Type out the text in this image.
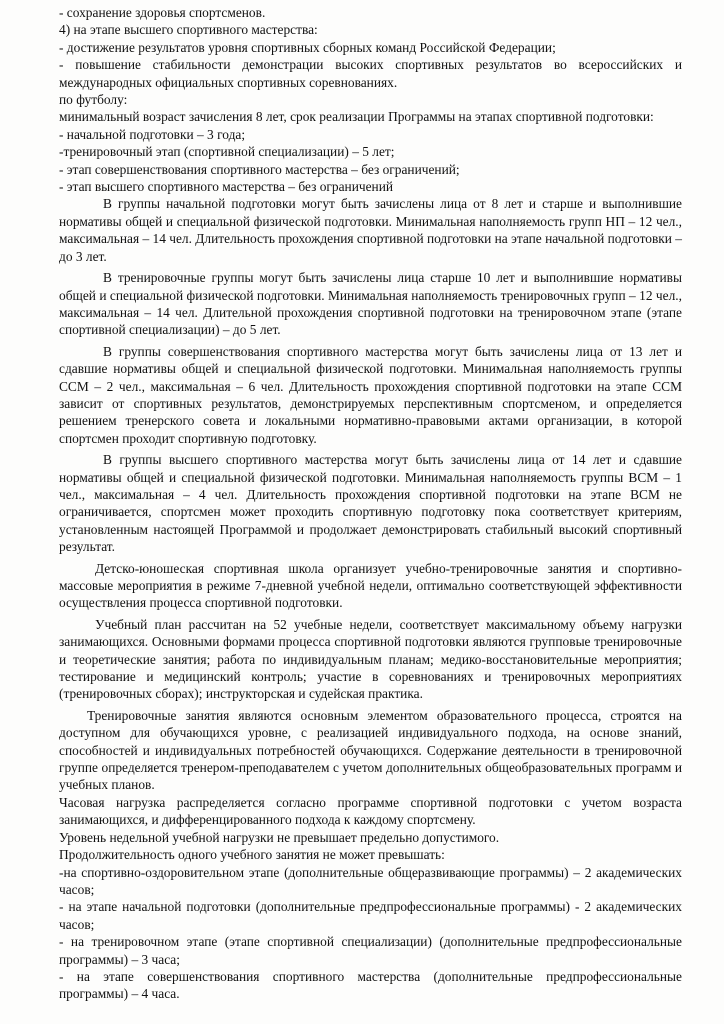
- сохранение здоровья спортсменов.

4) на этапе высшего спортивного мастерства:

- достижение результатов уровня спортивных сборных команд Российской Федерации;

- повышение стабильности демонстрации высоких спортивных результатов во всероссийских и международных официальных спортивных соревнованиях.

по футболу:

минимальный возраст зачисления 8 лет, срок реализации Программы на этапах спортивной подготовки:

- начальной подготовки – 3 года;

-тренировочный этап (спортивной специализации) – 5 лет;

- этап совершенствования спортивного мастерства – без ограничений;

- этап высшего спортивного мастерства – без ограничений

В группы начальной подготовки могут быть зачислены лица от 8 лет и старше и выполнившие нормативы общей и специальной физической подготовки. Минимальная наполняемость групп НП – 12 чел., максимальная – 14 чел. Длительность прохождения спортивной подготовки на этапе начальной подготовки – до 3 лет.

В тренировочные группы могут быть зачислены лица старше 10 лет и выполнившие нормативы общей и специальной физической подготовки. Минимальная наполняемость тренировочных групп – 12 чел., максимальная – 14 чел. Длительной прохождения спортивной подготовки на тренировочном этапе (этапе спортивной специализации) – до 5 лет.

В группы совершенствования спортивного мастерства могут быть зачислены лица от 13 лет и сдавшие нормативы общей и специальной физической подготовки. Минимальная наполняемость группы ССМ – 2 чел., максимальная – 6 чел. Длительность прохождения спортивной подготовки на этапе ССМ зависит от спортивных результатов, демонстрируемых перспективным спортсменом, и определяется решением тренерского совета и локальными нормативно-правовыми актами организации, в которой спортсмен проходит спортивную подготовку.

В группы высшего спортивного мастерства могут быть зачислены лица от 14 лет и сдавшие нормативы общей и специальной физической подготовки. Минимальная наполняемость группы ВСМ – 1 чел., максимальная – 4 чел. Длительность прохождения спортивной подготовки на этапе ВСМ не ограничивается, спортсмен может проходить спортивную подготовку пока соответствует критериям, установленным настоящей Программой и продолжает демонстрировать стабильный высокий спортивный результат.

Детско-юношеская спортивная школа организует учебно-тренировочные занятия и спортивно-массовые мероприятия в режиме 7-дневной учебной недели, оптимально соответствующей эффективности осуществления процесса спортивной подготовки.

Учебный план рассчитан на 52 учебные недели, соответствует максимальному объему нагрузки занимающихся. Основными формами процесса спортивной подготовки являются групповые тренировочные и теоретические занятия; работа по индивидуальным планам; медико-восстановительные мероприятия; тестирование и медицинский контроль; участие в соревнованиях и тренировочных мероприятиях (тренировочных сборах); инструкторская и судейская практика.

Тренировочные занятия являются основным элементом образовательного процесса, строятся на доступном для обучающихся уровне, с реализацией индивидуального подхода, на основе знаний, способностей и индивидуальных потребностей обучающихся. Содержание деятельности в тренировочной группе определяется тренером-преподавателем с учетом дополнительных общеобразовательных программ и учебных планов.

Часовая нагрузка распределяется согласно программе спортивной подготовки с учетом возраста занимающихся, и дифференцированного подхода к каждому спортсмену.

Уровень недельной учебной нагрузки не превышает предельно допустимого.

Продолжительность одного учебного занятия не может превышать:

-на спортивно-оздоровительном этапе (дополнительные общеразвивающие программы) – 2 академических часов;

- на этапе начальной подготовки (дополнительные предпрофессиональные программы) - 2 академических часов;

- на тренировочном этапе (этапе спортивной специализации) (дополнительные предпрофессиональные программы) – 3 часа;

- на этапе совершенствования спортивного мастерства (дополнительные предпрофессиональные программы) – 4 часа.
